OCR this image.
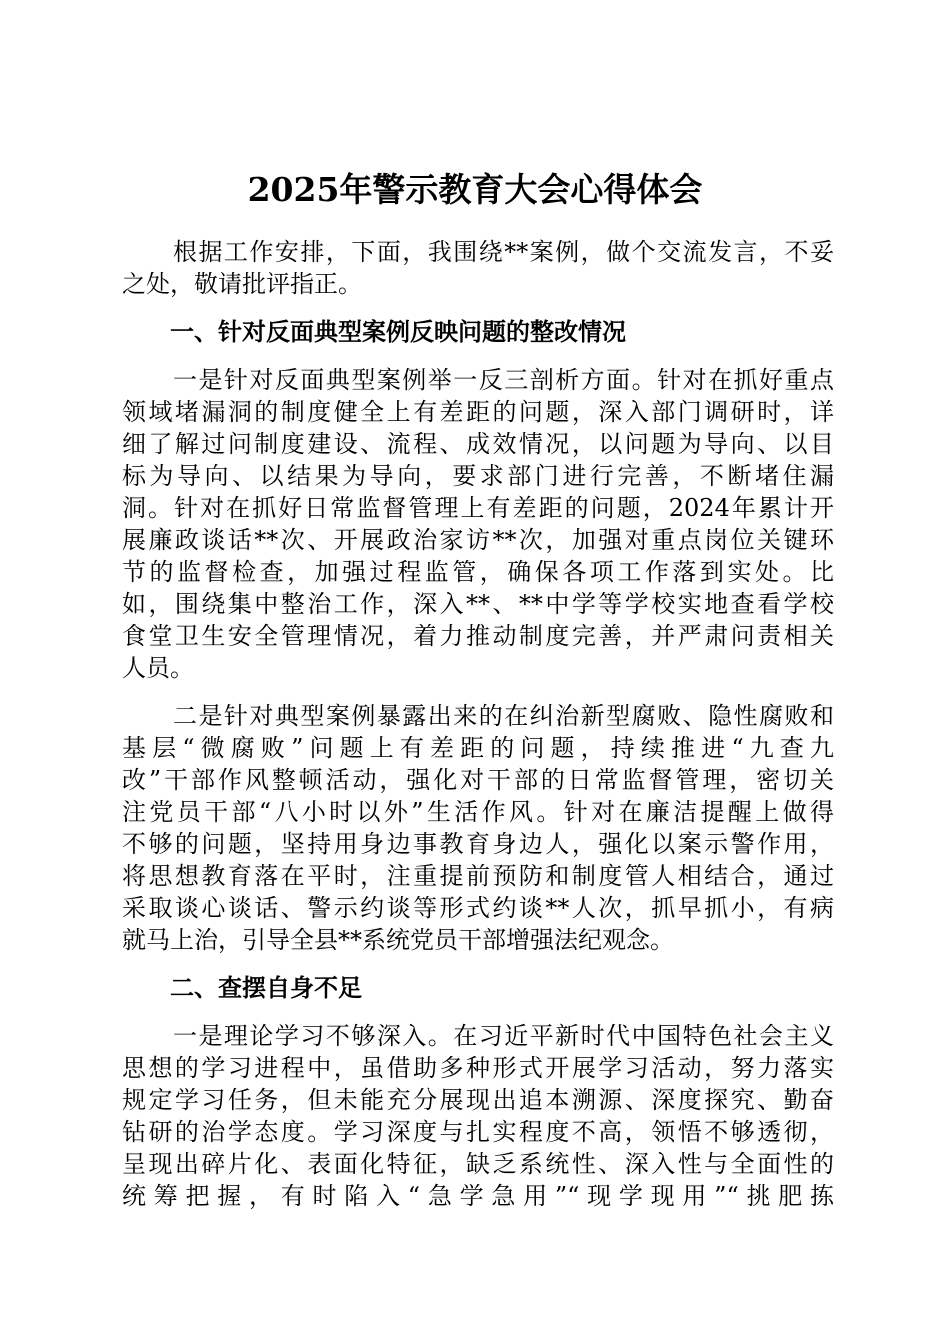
2025年警示教育大会心得体会
　　根据工作安排，下面，我围绕**案例，做个交流发言，不妥
之处，敬请批评指正。
一、针对反面典型案例反映问题的整改情况
　　一是针对反面典型案例举一反三剖析方面。针对在抓好重点
领域堵漏洞的制度健全上有差距的问题，深入部门调研时，详
细了解过问制度建设、流程、成效情况，以问题为导向、以目
标为导向、以结果为导向，要求部门进行完善，不断堵住漏
洞。针对在抓好日常监督管理上有差距的问题，2024年累计开
展廉政谈话**次、开展政治家访**次，加强对重点岗位关键环
节的监督检查，加强过程监管，确保各项工作落到实处。比
如，围绕集中整治工作，深入**、**中学等学校实地查看学校
食堂卫生安全管理情况，着力推动制度完善，并严肃问责相关
人员。
　　二是针对典型案例暴露出来的在纠治新型腐败、隐性腐败和
基层“微腐败”问题上有差距的问题，持续推进“九查九
改”干部作风整顿活动，强化对干部的日常监督管理，密切关
注党员干部“八小时以外”生活作风。针对在廉洁提醒上做得
不够的问题，坚持用身边事教育身边人，强化以案示警作用，
将思想教育落在平时，注重提前预防和制度管人相结合，通过
采取谈心谈话、警示约谈等形式约谈**人次，抓早抓小，有病
就马上治，引导全县**系统党员干部增强法纪观念。
二、查摆自身不足
　　一是理论学习不够深入。在习近平新时代中国特色社会主义
思想的学习进程中，虽借助多种形式开展学习活动，努力落实
规定学习任务，但未能充分展现出追本溯源、深度探究、勤奋
钻研的治学态度。学习深度与扎实程度不高，领悟不够透彻，
呈现出碎片化、表面化特征，缺乏系统性、深入性与全面性的
统筹把握，有时陷入“急学急用”“现学现用”“挑肥拣
